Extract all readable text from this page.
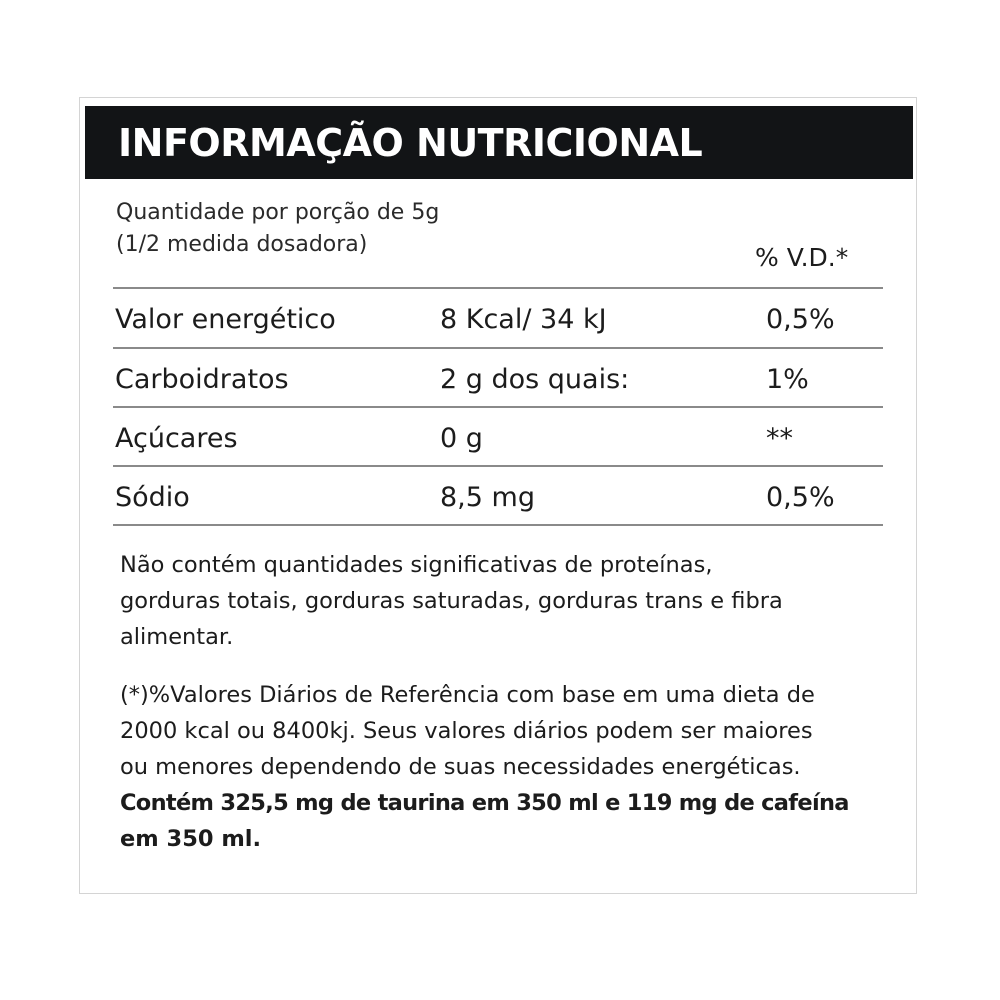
INFORMAÇÃO NUTRICIONAL
Quantidade por porção de 5g
(1/2 medida dosadora)	% V.D.*
Valor energético	8 Kcal/ 34 kJ	0,5%
Carboidratos	2 g dos quais:	1%
Açúcares	0 g	**
Sódio	8,5 mg	0,5%
Não contém quantidades significativas de proteínas,
gorduras totais, gorduras saturadas, gorduras trans e fibra
alimentar.
(*)%Valores Diários de Referência com base em uma dieta de
2000 kcal ou 8400kj. Seus valores diários podem ser maiores
ou menores dependendo de suas necessidades energéticas.
Contém 325,5 mg de taurina em 350 ml e 119 mg de cafeína
em 350 ml.
